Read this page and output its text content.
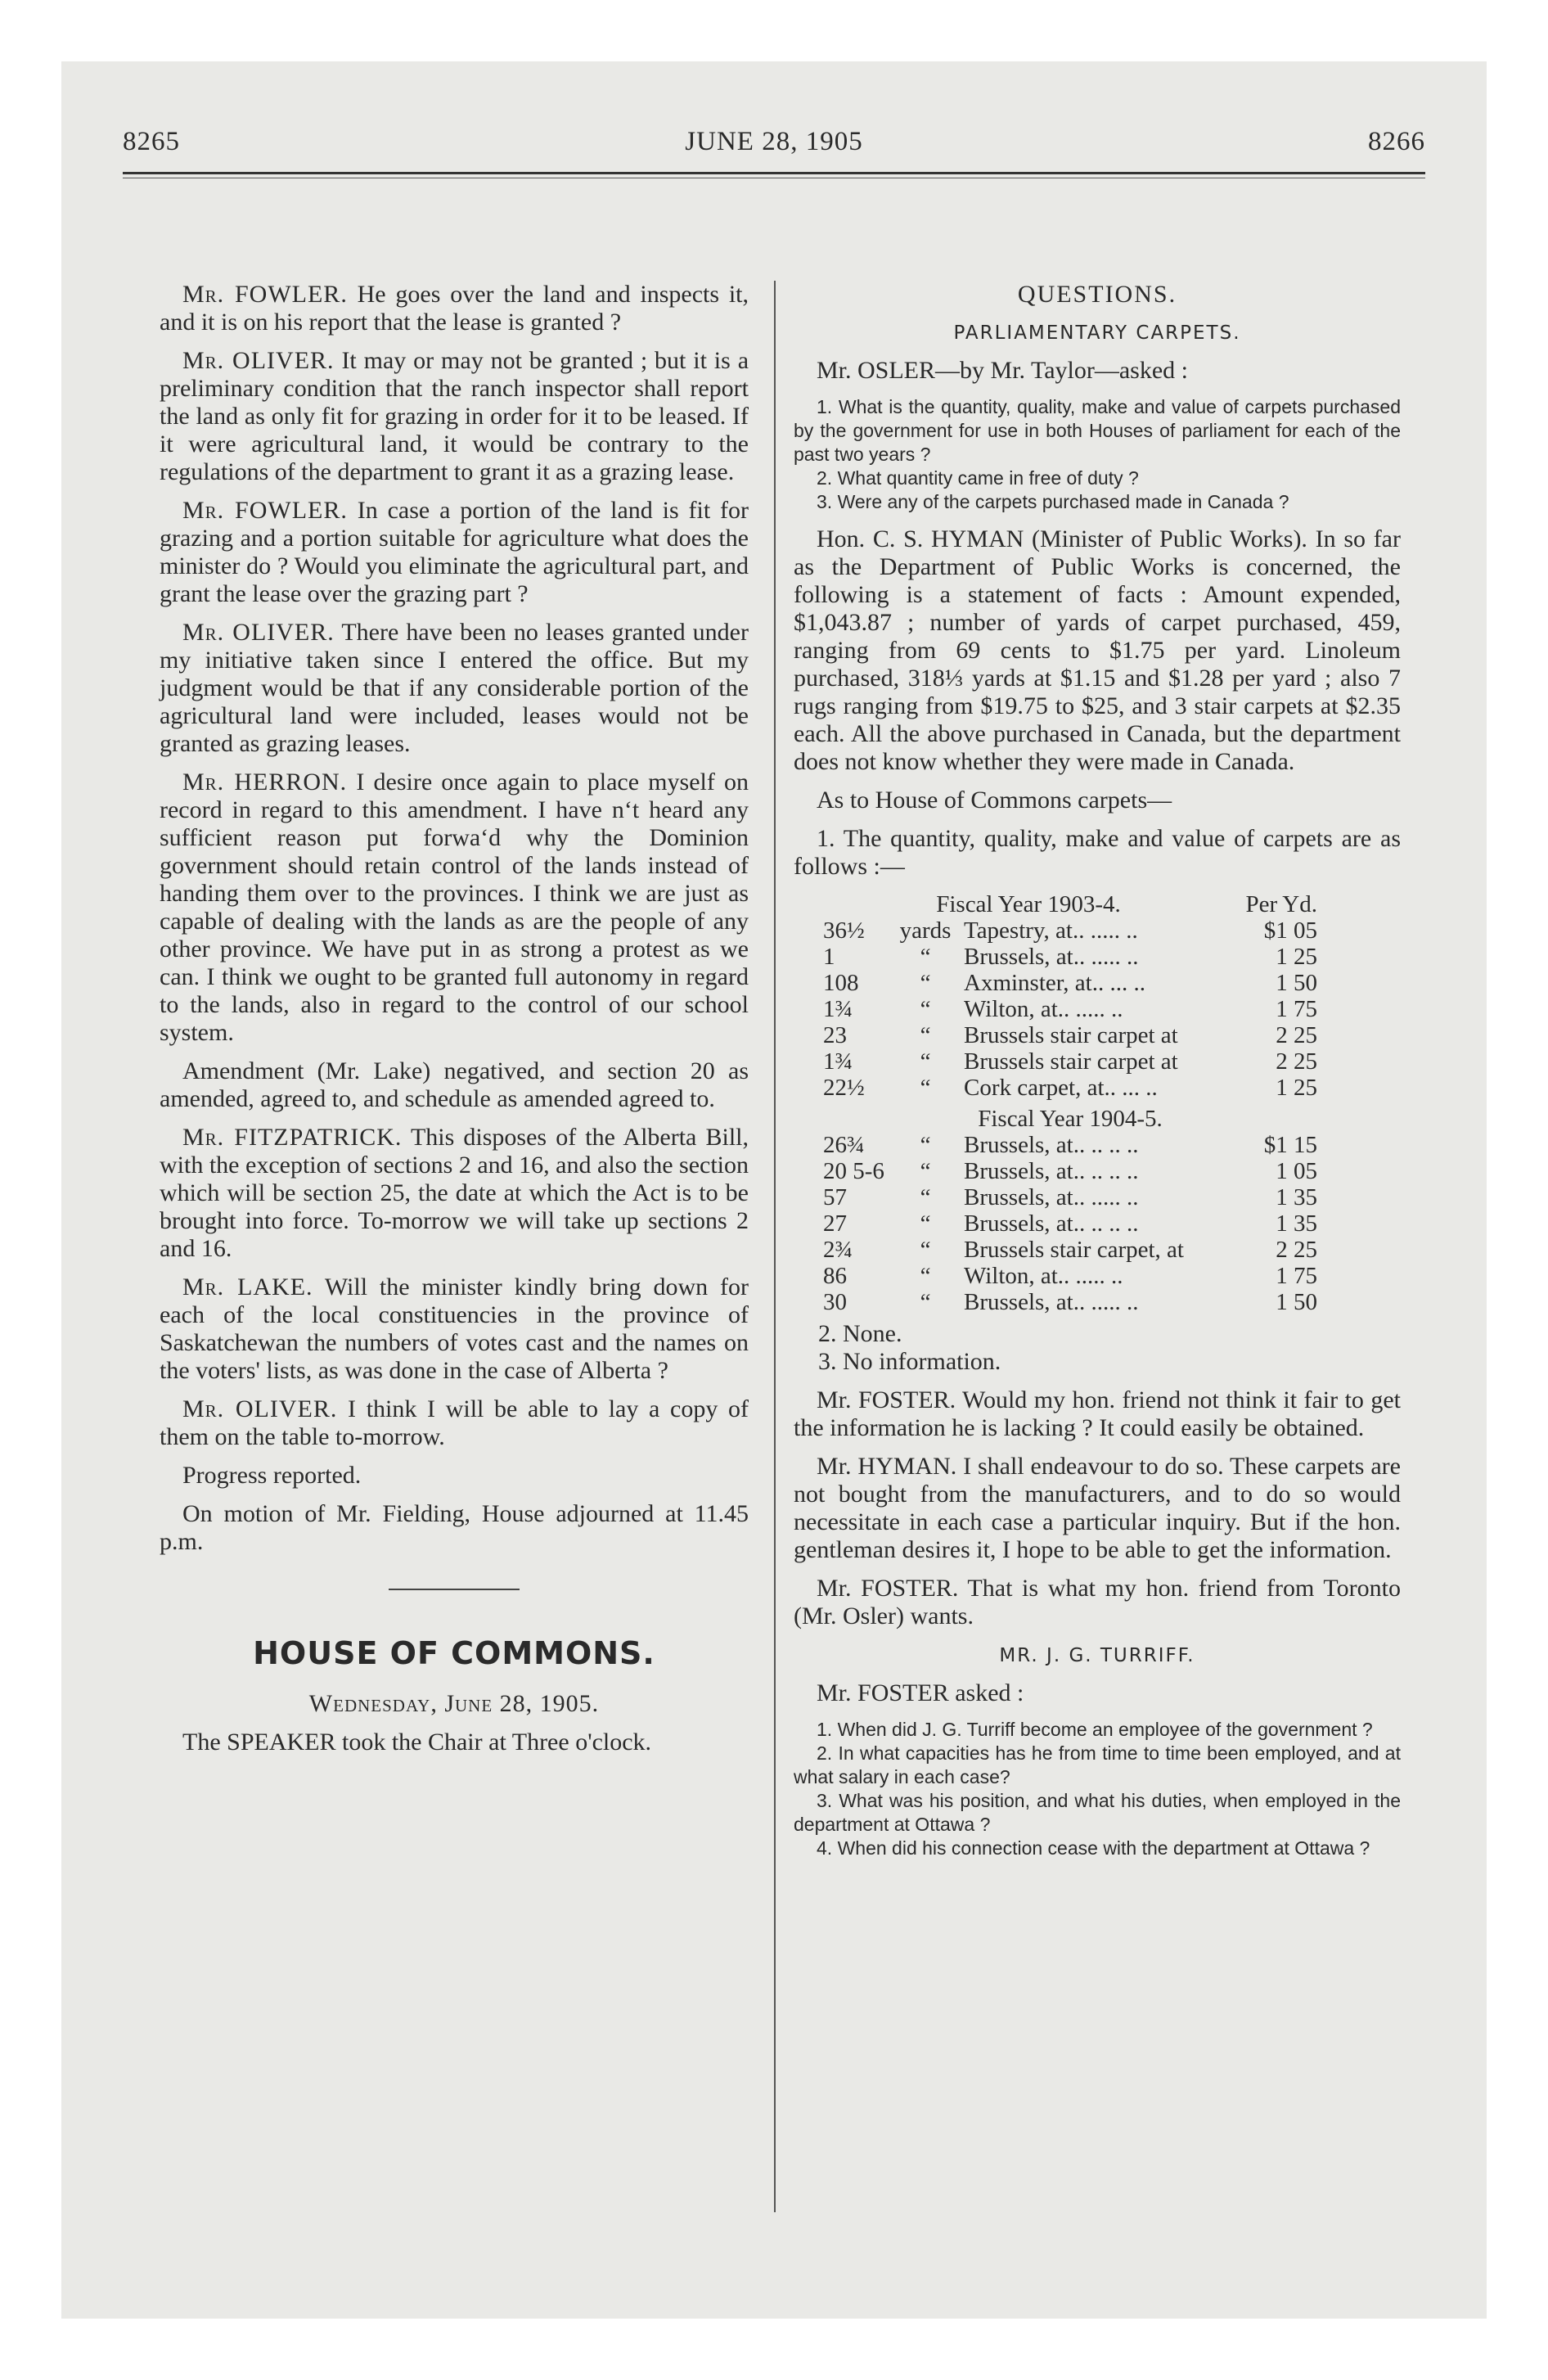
8265	JUNE 28, 1905	8266

Mr. FOWLER. He goes over the land and inspects it, and it is on his report that the lease is granted ?

Mr. OLIVER. It may or may not be granted ; but it is a preliminary condition that the ranch inspector shall report the land as only fit for grazing in order for it to be leased. If it were agricultural land, it would be contrary to the regulations of the department to grant it as a grazing lease.

Mr. FOWLER. In case a portion of the land is fit for grazing and a portion suitable for agriculture what does the minister do ? Would you eliminate the agricultural part, and grant the lease over the grazing part ?

Mr. OLIVER. There have been no leases granted under my initiative taken since I entered the office. But my judgment would be that if any considerable portion of the agricultural land were included, leases would not be granted as grazing leases.

Mr. HERRON. I desire once again to place myself on record in regard to this amendment. I have nʻt heard any sufficient reason put forwaʻd why the Dominion government should retain control of the lands instead of handing them over to the provinces. I think we are just as capable of dealing with the lands as are the people of any other province. We have put in as strong a protest as we can. I think we ought to be granted full autonomy in regard to the lands, also in regard to the control of our school system.

Amendment (Mr. Lake) negatived, and section 20 as amended, agreed to, and schedule as amended agreed to.

Mr. FITZPATRICK. This disposes of the Alberta Bill, with the exception of sections 2 and 16, and also the section which will be section 25, the date at which the Act is to be brought into force. To-morrow we will take up sections 2 and 16.

Mr. LAKE. Will the minister kindly bring down for each of the local constituencies in the province of Saskatchewan the numbers of votes cast and the names on the voters' lists, as was done in the case of Alberta ?

Mr. OLIVER. I think I will be able to lay a copy of them on the table to-morrow.

Progress reported.

On motion of Mr. Fielding, House adjourned at 11.45 p.m.

HOUSE OF COMMONS.

Wednesday, June 28, 1905.

The SPEAKER took the Chair at Three o'clock.

QUESTIONS.

PARLIAMENTARY CARPETS.

Mr. OSLER—by Mr. Taylor—asked :

1. What is the quantity, quality, make and value of carpets purchased by the government for use in both Houses of parliament for each of the past two years ?

2. What quantity came in free of duty ?

3. Were any of the carpets purchased made in Canada ?

Hon. C. S. HYMAN (Minister of Public Works). In so far as the Department of Public Works is concerned, the following is a statement of facts : Amount expended, $1,043.87 ; number of yards of carpet purchased, 459, ranging from 69 cents to $1.75 per yard. Linoleum purchased, 318⅓ yards at $1.15 and $1.28 per yard ; also 7 rugs ranging from $19.75 to $25, and 3 stair carpets at $2.35 each. All the above purchased in Canada, but the department does not know whether they were made in Canada.

As to House of Commons carpets—

1. The quantity, quality, make and value of carpets are as follows :—

Fiscal Year 1903-4.			Per Yd.
36½	yards	Tapestry, at.. ..... ..	$1 05
1	“	Brussels, at.. ..... ..	1 25
108	“	Axminster, at.. ... ..	1 50
1¾	“	Wilton, at.. ..... ..	1 75
23	“	Brussels stair carpet at	2 25
1¾	“	Brussels stair carpet at	2 25
22½	“	Cork carpet, at.. ... ..	1 25
Fiscal Year 1904-5.			
26¾	“	Brussels, at.. .. .. ..	$1 15
20 5-6	“	Brussels, at.. .. .. ..	1 05
57	“	Brussels, at.. ..... ..	1 35
27	“	Brussels, at.. .. .. ..	1 35
2¾	“	Brussels stair carpet, at	2 25
86	“	Wilton, at.. ..... ..	1 75
30	“	Brussels, at.. ..... ..	1 50

2. None.

3. No information.

Mr. FOSTER. Would my hon. friend not think it fair to get the information he is lacking ? It could easily be obtained.

Mr. HYMAN. I shall endeavour to do so. These carpets are not bought from the manufacturers, and to do so would necessitate in each case a particular inquiry. But if the hon. gentleman desires it, I hope to be able to get the information.

Mr. FOSTER. That is what my hon. friend from Toronto (Mr. Osler) wants.

MR. J. G. TURRIFF.

Mr. FOSTER asked :

1. When did J. G. Turriff become an employee of the government ?

2. In what capacities has he from time to time been employed, and at what salary in each case?

3. What was his position, and what his duties, when employed in the department at Ottawa ?

4. When did his connection cease with the department at Ottawa ?
